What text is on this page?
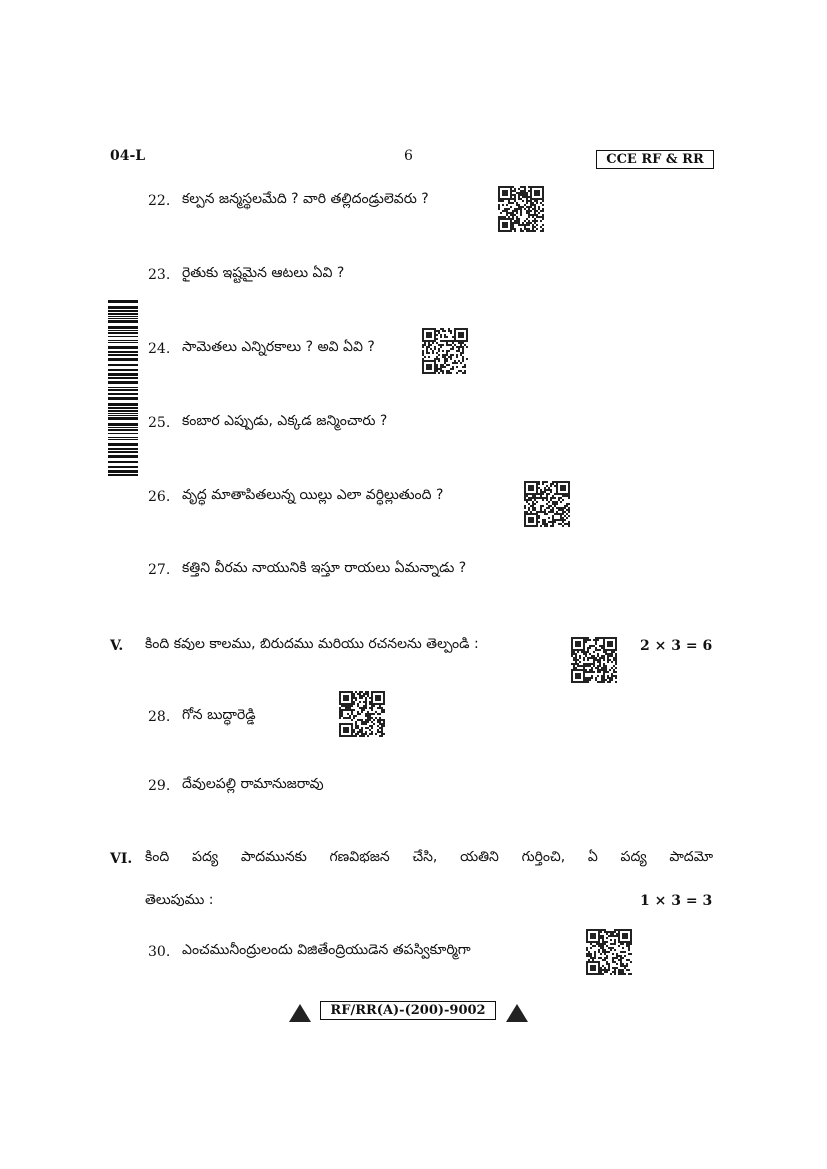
04-L	6	CCE RF & RR
22. కల్పన జన్మస్థలమేది ? వారి తల్లిదండ్రులెవరు ?
23. రైతుకు ఇష్టమైన ఆటలు ఏవి ?
24. సామెతలు ఎన్నిరకాలు ? అవి ఏవి ?
25. కంబార ఎప్పుడు, ఎక్కడ జన్మించారు ?
26. వృద్ధ మాతాపితలున్న యిల్లు ఎలా వర్ధిల్లుతుంది ?
27. కత్తిని వీరమ నాయునికి ఇస్తూ రాయలు ఏమన్నాడు ?
V. కింది కవుల కాలము, బిరుదము మరియు రచనలను తెల్పండి :	2 × 3 = 6
28. గోన బుద్ధారెడ్డి
29. దేవులపల్లి రామానుజరావు
VI. కింది పద్య పాదమునకు గణవిభజన చేసి, యతిని గుర్తించి, ఏ పద్య పాదమో
తెలుపుము :	1 × 3 = 3
30. ఎంచమునీంద్రులందు విజితేంద్రియుడెన తపస్వికూర్మిగా
RF/RR(A)-(200)-9002
